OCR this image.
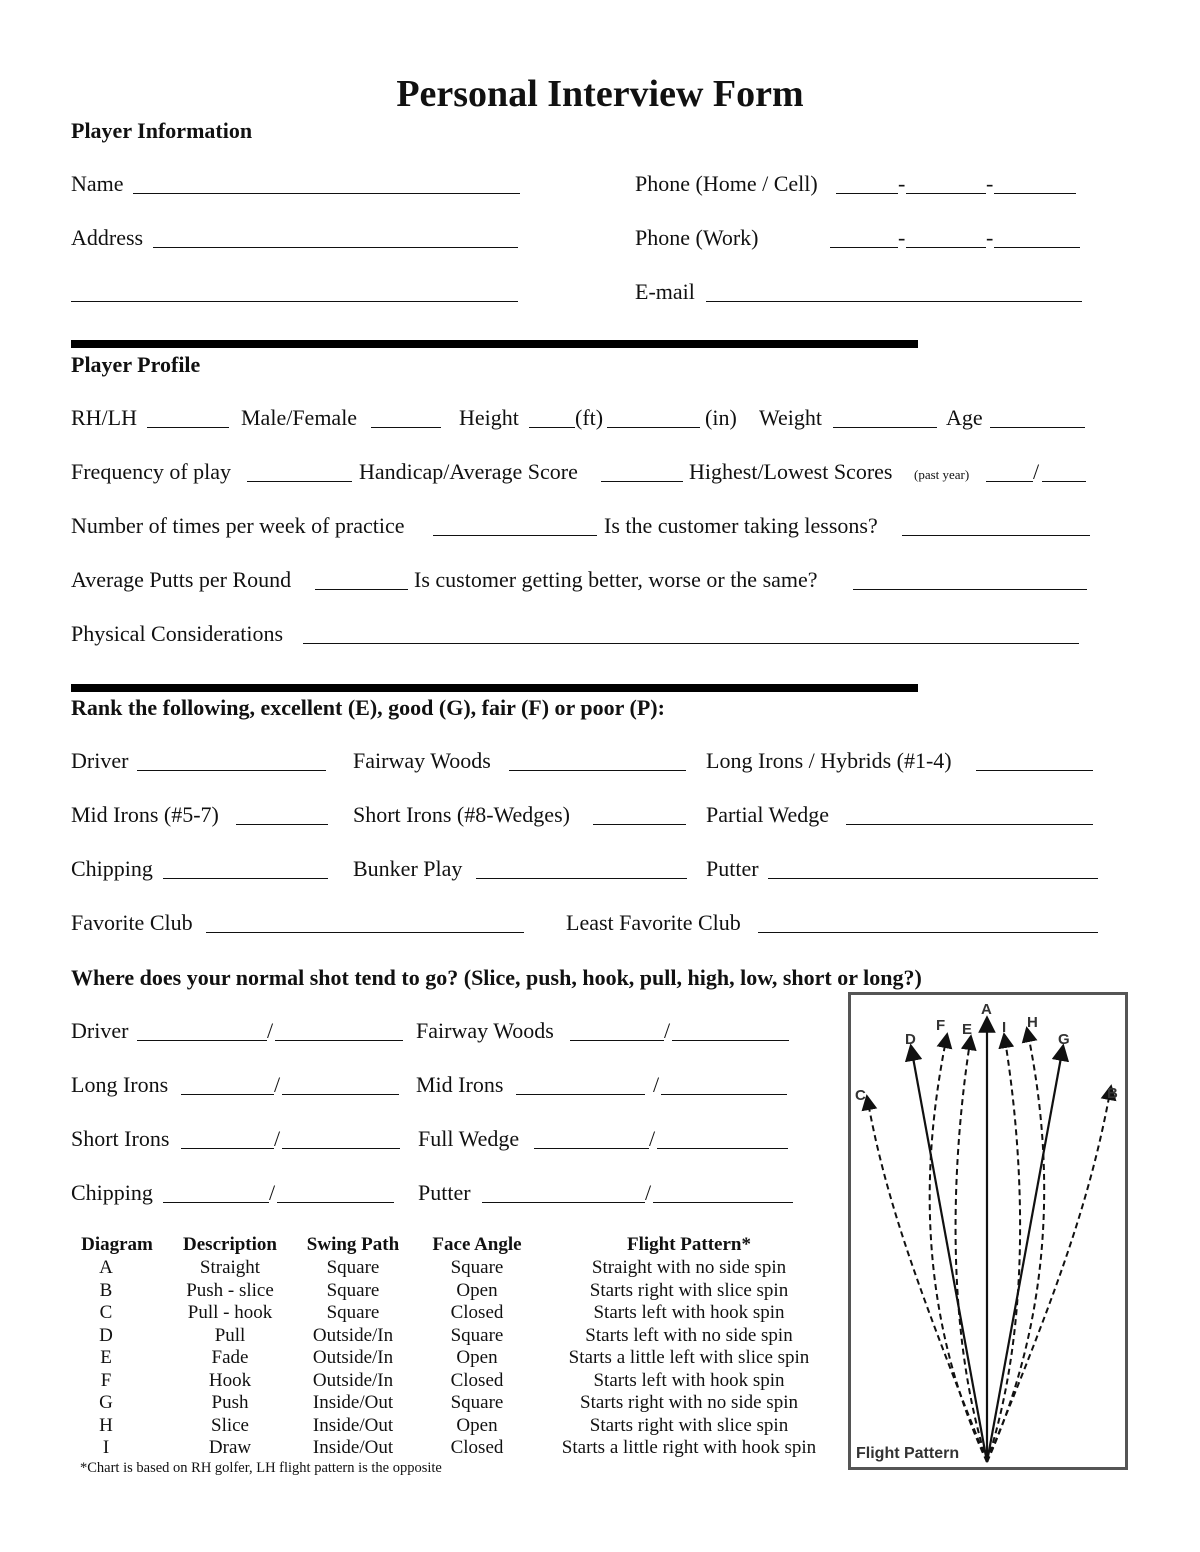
Personal Interview Form
Player Information
Name	Phone (Home / Cell)	-	-
Address	Phone (Work)	-	-
E-mail
Player Profile
RH/LH	Male/Female	Height	(ft)	(in) Weight	Age
Frequency of play	Handicap/Average Score	Highest/Lowest Scores (past year)	/
Number of times per week of practice	Is the customer taking lessons?
Average Putts per Round	Is customer getting better, worse or the same?
Physical Considerations
Rank the following, excellent (E), good (G), fair (F) or poor (P):
Driver	Fairway Woods	Long Irons / Hybrids (#1-4)
Mid Irons (#5-7)	Short Irons (#8-Wedges)	Partial Wedge
Chipping	Bunker Play	Putter
Favorite Club	Least Favorite Club
Where does your normal shot tend to go? (Slice, push, hook, pull, high, low, short or long?)
Driver	/	Fairway Woods	/
Long Irons	/	Mid Irons	/
Short Irons	/	Full Wedge	/
Chipping	/	Putter	/
Diagram	Description	Swing Path	Face Angle	Flight Pattern*
A	Straight	Square	Square	Straight with no side spin
B	Push - slice	Square	Open	Starts right with slice spin
C	Pull - hook	Square	Closed	Starts left with hook spin
D	Pull	Outside/In	Square	Starts left with no side spin
E	Fade	Outside/In	Open	Starts a little left with slice spin
F	Hook	Outside/In	Closed	Starts left with hook spin
G	Push	Inside/Out	Square	Starts right with no side spin
H	Slice	Inside/Out	Open	Starts right with slice spin
I	Draw	Inside/Out	Closed	Starts a little right with hook spin
*Chart is based on RH golfer, LH flight pattern is the opposite
A
B
C
D
E
F
G
H
I
Flight Pattern
